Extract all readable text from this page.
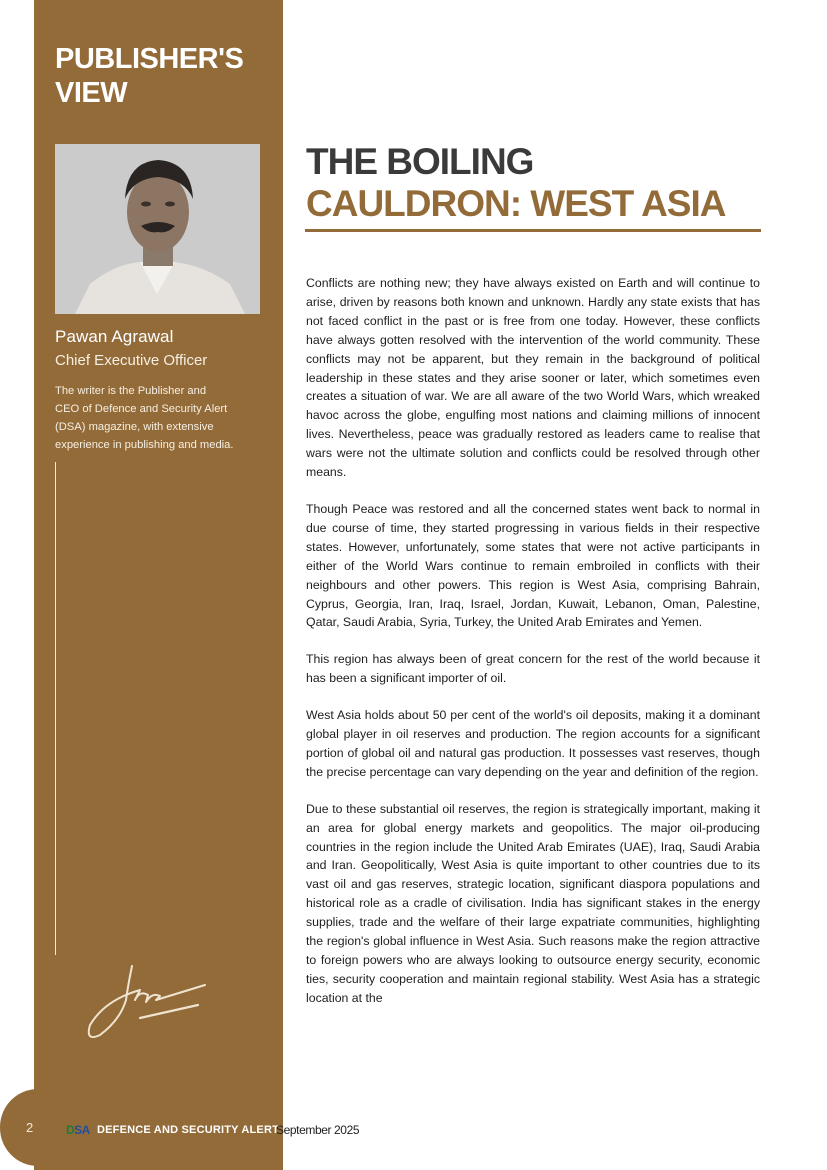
2
PUBLISHER'S
VIEW
Pawan Agrawal
Chief Executive Officer
The writer is the Publisher and
CEO of Defence and Security Alert
(DSA) magazine, with extensive
experience in publishing and media.
DSA DEFENCE AND SECURITY ALERT
September 2025
THE BOILING
CAULDRON: WEST ASIA

Conflicts are nothing new; they have always existed on Earth and will continue to arise, driven by reasons both known and unknown. Hardly any state exists that has not faced conflict in the past or is free from one today. However, these conflicts have always gotten resolved with the intervention of the world community. These conflicts may not be apparent, but they remain in the background of political leadership in these states and they arise sooner or later, which sometimes even creates a situation of war. We are all aware of the two World Wars, which wreaked havoc across the globe, engulfing most nations and claiming millions of innocent lives. Nevertheless, peace was gradually restored as leaders came to realise that wars were not the ultimate solution and conflicts could be resolved through other means.

Though Peace was restored and all the concerned states went back to normal in due course of time, they started progressing in various fields in their respective states. However, unfortunately, some states that were not active participants in either of the World Wars continue to remain embroiled in conflicts with their neighbours and other powers. This region is West Asia, comprising Bahrain, Cyprus, Georgia, Iran, Iraq, Israel, Jordan, Kuwait, Lebanon, Oman, Palestine, Qatar, Saudi Arabia, Syria, Turkey, the United Arab Emirates and Yemen.

This region has always been of great concern for the rest of the world because it has been a significant importer of oil.

West Asia holds about 50 per cent of the world's oil deposits, making it a dominant global player in oil reserves and production. The region accounts for a significant portion of global oil and natural gas production. It possesses vast reserves, though the precise percentage can vary depending on the year and definition of the region.

Due to these substantial oil reserves, the region is strategically important, making it an area for global energy markets and geopolitics. The major oil-producing countries in the region include the United Arab Emirates (UAE), Iraq, Saudi Arabia and Iran. Geopolitically, West Asia is quite important to other countries due to its vast oil and gas reserves, strategic location, significant diaspora populations and historical role as a cradle of civilisation. India has significant stakes in the energy supplies, trade and the welfare of their large expatriate communities, highlighting the region's global influence in West Asia. Such reasons make the region attractive to foreign powers who are always looking to outsource energy security, economic ties, security cooperation and maintain regional stability. West Asia has a strategic location at the
